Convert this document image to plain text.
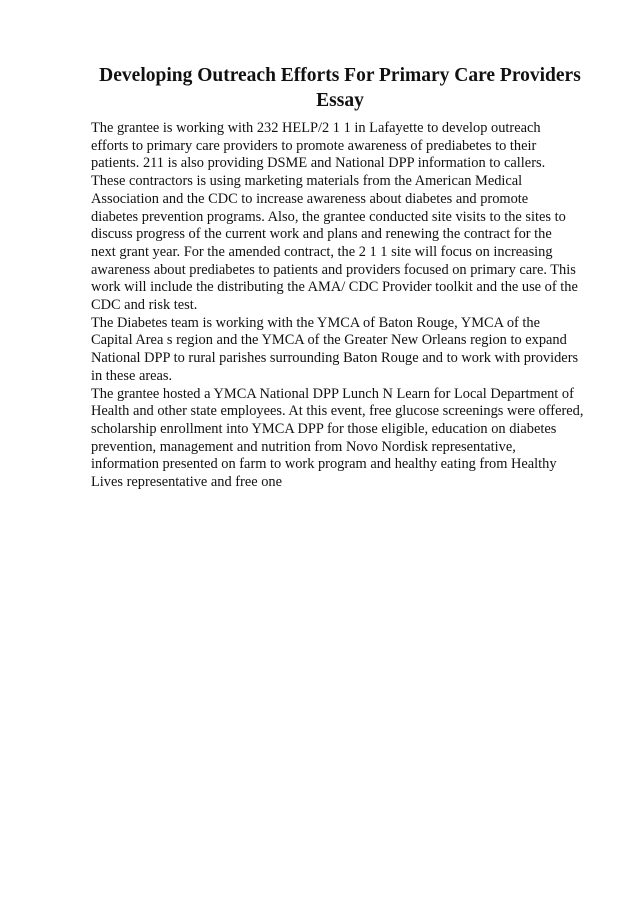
Developing Outreach Efforts For Primary Care Providers
Essay
The grantee is working with 232 HELP/2 1 1 in Lafayette to develop outreach
efforts to primary care providers to promote awareness of prediabetes to their
patients. 211 is also providing DSME and National DPP information to callers.
These contractors is using marketing materials from the American Medical
Association and the CDC to increase awareness about diabetes and promote
diabetes prevention programs. Also, the grantee conducted site visits to the sites to
discuss progress of the current work and plans and renewing the contract for the
next grant year. For the amended contract, the 2 1 1 site will focus on increasing
awareness about prediabetes to patients and providers focused on primary care. This
work will include the distributing the AMA/ CDC Provider toolkit and the use of the
CDC and risk test.
The Diabetes team is working with the YMCA of Baton Rouge, YMCA of the
Capital Area s region and the YMCA of the Greater New Orleans region to expand
National DPP to rural parishes surrounding Baton Rouge and to work with providers
in these areas.
The grantee hosted a YMCA National DPP Lunch N Learn for Local Department of
Health and other state employees. At this event, free glucose screenings were offered,
scholarship enrollment into YMCA DPP for those eligible, education on diabetes
prevention, management and nutrition from Novo Nordisk representative,
information presented on farm to work program and healthy eating from Healthy
Lives representative and free one
